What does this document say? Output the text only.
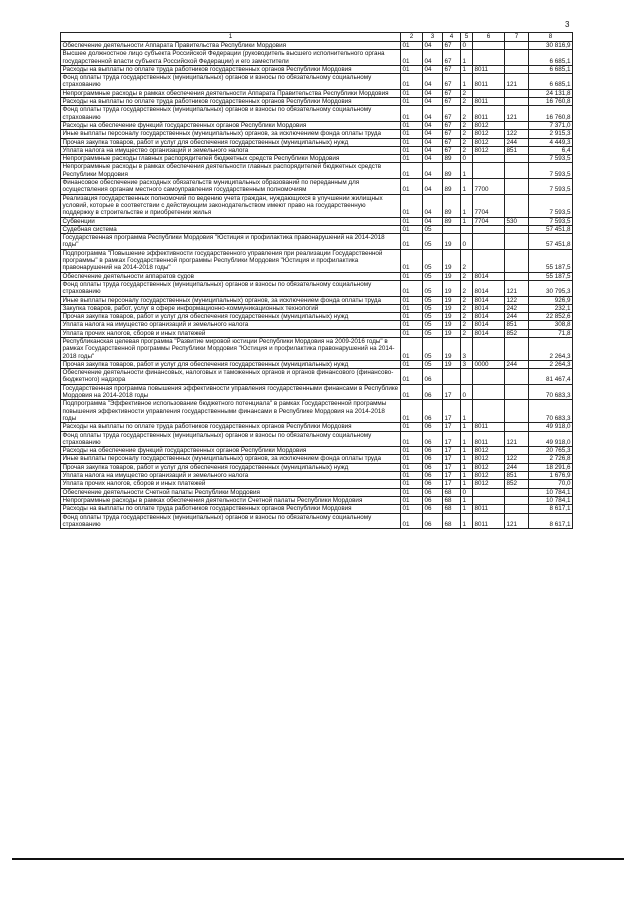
3
1	2	3	4	5	6	7	8
Обеспечение деятельности Аппарата Правительства Республики Мордовия	01	04	67	0			30 816,9
Высшее должностное лицо субъекта Российской Федерации (руководитель высшего исполнительного органа государственной власти субъекта Российской Федерации) и его заместители	01	04	67	1			6 685,1
Расходы на выплаты по оплате труда работников государственных органов Республики Мордовия	01	04	67	1	8011		6 685,1
Фонд оплаты труда государственных (муниципальных) органов и взносы по обязательному социальному страхованию	01	04	67	1	8011	121	6 685,1
Непрограммные расходы в рамках обеспечения деятельности Аппарата Правительства Республики Мордовия	01	04	67	2			24 131,8
Расходы на выплаты по оплате труда работников государственных органов Республики Мордовия	01	04	67	2	8011		16 760,8
Фонд оплаты труда государственных (муниципальных) органов и взносы по обязательному социальному страхованию	01	04	67	2	8011	121	16 760,8
Расходы на обеспечение функций государственных органов Республики Мордовия	01	04	67	2	8012		7 371,0
Иные выплаты персоналу государственных (муниципальных) органов, за исключением фонда оплаты труда	01	04	67	2	8012	122	2 915,3
Прочая закупка товаров, работ и услуг для обеспечения государственных (муниципальных) нужд	01	04	67	2	8012	244	4 449,3
Уплата налога на имущество организаций и земельного налога	01	04	67	2	8012	851	6,4
Непрограммные расходы главных распорядителей бюджетных средств Республики Мордовия	01	04	89	0			7 593,5
Непрограммные расходы в рамках обеспечения деятельности главных распорядителей бюджетных средств Республики Мордовия	01	04	89	1			7 593,5
Финансовое обеспечение расходных обязательств муниципальных образований по переданным для осуществления органам местного самоуправления государственным полномочиям	01	04	89	1	7700		7 593,5
Реализация государственных полномочий по ведению учета граждан, нуждающихся в улучшении жилищных условий, которые в соответствии с действующим законодательством имеют право на государственную поддержку в строительстве и приобретении жилья	01	04	89	1	7704		7 593,5
Субвенции	01	04	89	1	7704	530	7 593,5
Судебная система	01	05					57 451,8
Государственная программа Республики Мордовия "Юстиция и профилактика правонарушений на 2014-2018 годы"	01	05	19	0			57 451,8
Подпрограмма "Повышение эффективности государственного управления при реализации Государственной программы" в рамках Государственной программы Республики Мордовия "Юстиция и профилактика правонарушений на 2014-2018 годы"	01	05	19	2			55 187,5
Обеспечение деятельности аппаратов судов	01	05	19	2	8014		55 187,5
Фонд оплаты труда государственных (муниципальных) органов и взносы по обязательному социальному страхованию	01	05	19	2	8014	121	30 795,3
Иные выплаты персоналу государственных (муниципальных) органов, за исключением фонда оплаты труда	01	05	19	2	8014	122	926,9
Закупка товаров, работ, услуг в сфере информационно-коммуникационных технологий	01	05	19	2	8014	242	232,1
Прочая закупка товаров, работ и услуг для обеспечения государственных (муниципальных) нужд	01	05	19	2	8014	244	22 852,6
Уплата налога на имущество организаций и земельного налога	01	05	19	2	8014	851	308,8
Уплата прочих налогов, сборов и иных платежей	01	05	19	2	8014	852	71,8
Республиканская целевая программа "Развитие мировой юстиции Республики Мордовия на 2009-2016 годы" в рамках Государственной программы Республики Мордовия "Юстиция и профилактика правонарушений на 2014-2018 годы"	01	05	19	3			2 264,3
Прочая закупка товаров, работ и услуг для обеспечения государственных (муниципальных) нужд	01	05	19	3	0000	244	2 264,3
Обеспечение деятельности финансовых, налоговых и таможенных органов и органов финансового (финансово-бюджетного) надзора	01	06					81 467,4
Государственная программа повышения эффективности управления государственными финансами в Республике Мордовия на 2014-2018 годы	01	06	17	0			70 683,3
Подпрограмма "Эффективное использование бюджетного потенциала" в рамках Государственной программы повышения эффективности управления государственными финансами в Республике Мордовия на 2014-2018 годы	01	06	17	1			70 683,3
Расходы на выплаты по оплате труда работников государственных органов Республики Мордовия	01	06	17	1	8011		49 918,0
Фонд оплаты труда государственных (муниципальных) органов и взносы по обязательному социальному страхованию	01	06	17	1	8011	121	49 918,0
Расходы на обеспечение функций государственных органов Республики Мордовия	01	06	17	1	8012		20 765,3
Иные выплаты персоналу государственных (муниципальных) органов, за исключением фонда оплаты труда	01	06	17	1	8012	122	2 726,8
Прочая закупка товаров, работ и услуг для обеспечения государственных (муниципальных) нужд	01	06	17	1	8012	244	18 291,6
Уплата налога на имущество организаций и земельного налога	01	06	17	1	8012	851	1 676,9
Уплата прочих налогов, сборов и иных платежей	01	06	17	1	8012	852	70,0
Обеспечение деятельности Счетной палаты Республики Мордовия	01	06	68	0			10 784,1
Непрограммные расходы в рамках обеспечения деятельности Счетной палаты Республики Мордовия	01	06	68	1			10 784,1
Расходы на выплаты по оплате труда работников государственных органов Республики Мордовия	01	06	68	1	8011		8 617,1
Фонд оплаты труда государственных (муниципальных) органов и взносы по обязательному социальному страхованию	01	06	68	1	8011	121	8 617,1
